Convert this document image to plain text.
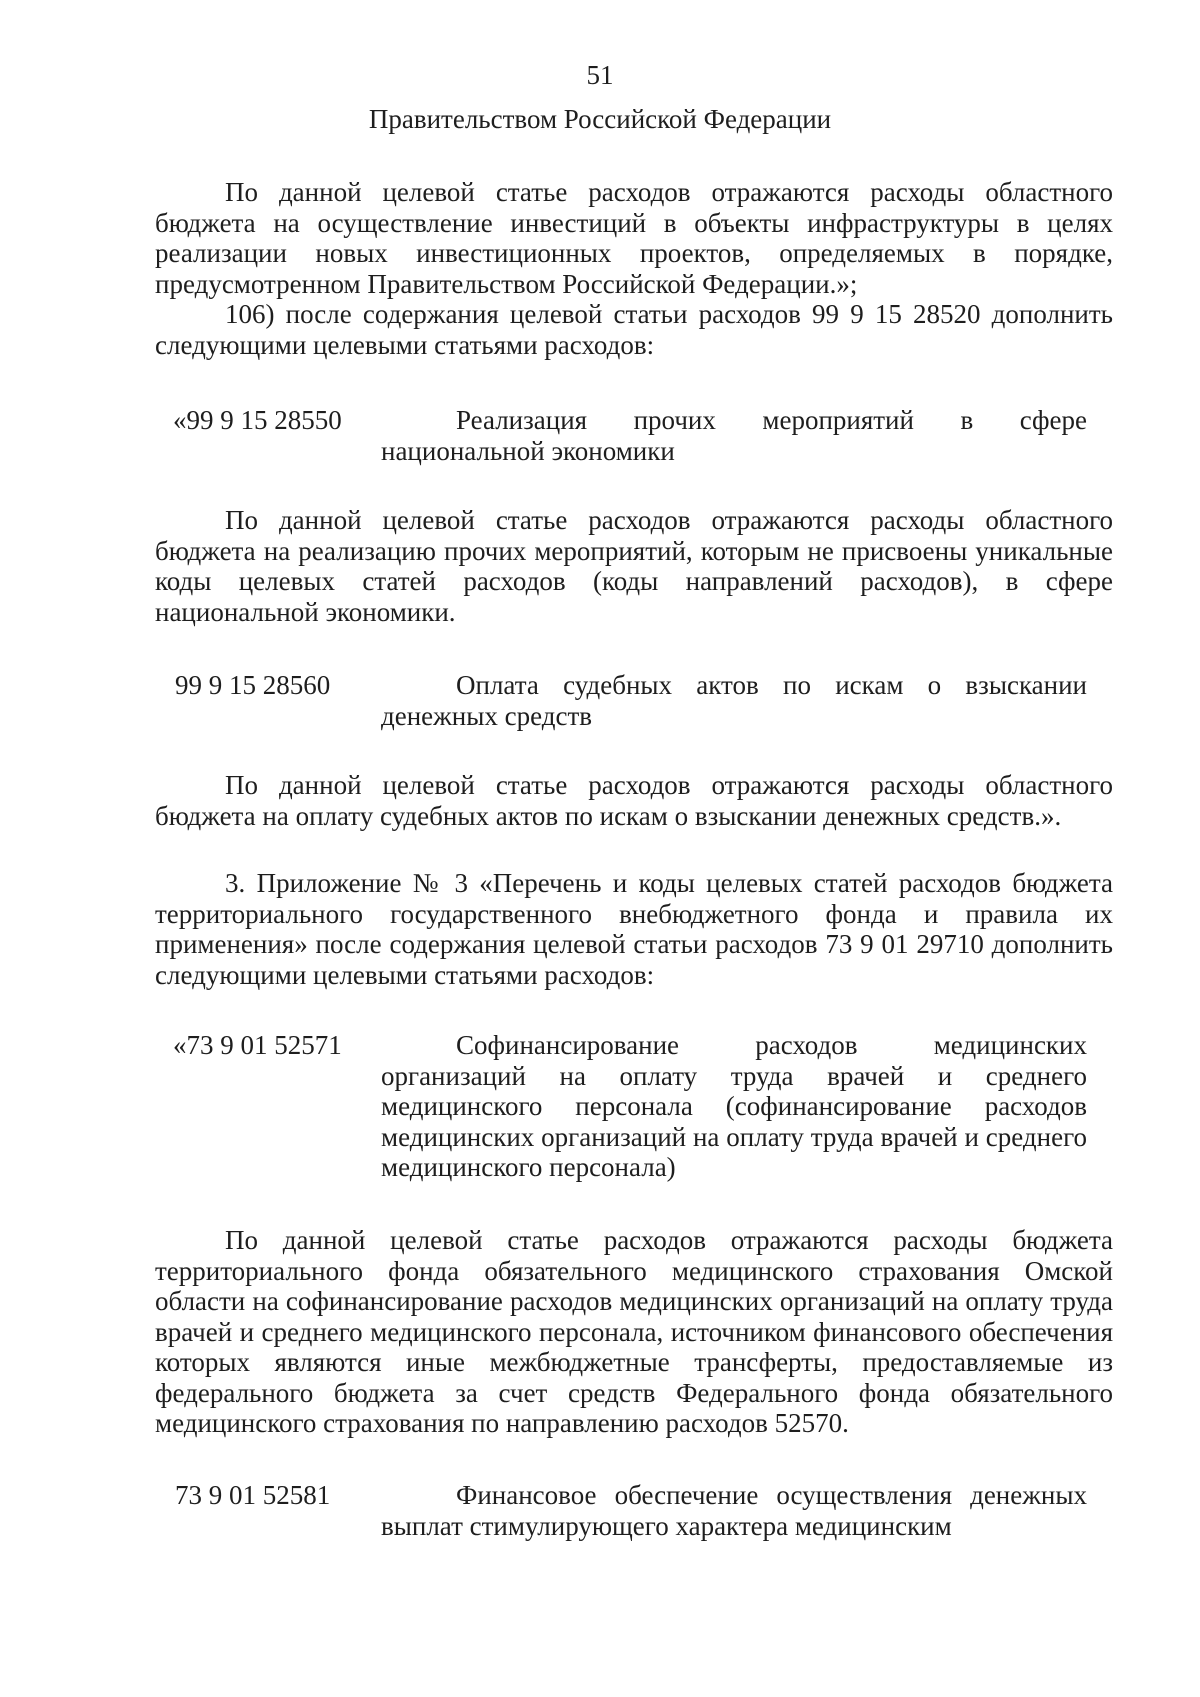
51
Правительством Российской Федерации

По данной целевой статье расходов отражаются расходы областного бюджета на осуществление инвестиций в объекты инфраструктуры в целях реализации новых инвестиционных проектов, определяемых в порядке, предусмотренном Правительством Российской Федерации.»;

106) после содержания целевой статьи расходов 99 9 15 28520 дополнить следующими целевыми статьями расходов:

«99 9 15 28550	Реализация прочих мероприятий в сфере национальной экономики

По данной целевой статье расходов отражаются расходы областного бюджета на реализацию прочих мероприятий, которым не присвоены уникальные коды целевых статей расходов (коды направлений расходов), в сфере национальной экономики.

99 9 15 28560	Оплата судебных актов по искам о взыскании денежных средств

По данной целевой статье расходов отражаются расходы областного бюджета на оплату судебных актов по искам о взыскании денежных средств.».

3. Приложение № 3 «Перечень и коды целевых статей расходов бюджета территориального государственного внебюджетного фонда и правила их применения» после содержания целевой статьи расходов 73 9 01 29710 дополнить следующими целевыми статьями расходов:

«73 9 01 52571	Софинансирование расходов медицинских организаций на оплату труда врачей и среднего медицинского персонала (софинансирование расходов медицинских организаций на оплату труда врачей и среднего медицинского персонала)

По данной целевой статье расходов отражаются расходы бюджета территориального фонда обязательного медицинского страхования Омской области на софинансирование расходов медицинских организаций на оплату труда врачей и среднего медицинского персонала, источником финансового обеспечения которых являются иные межбюджетные трансферты, предоставляемые из федерального бюджета за счет средств Федерального фонда обязательного медицинского страхования по направлению расходов 52570.

73 9 01 52581	Финансовое обеспечение осуществления денежных выплат стимулирующего характера медицинским
